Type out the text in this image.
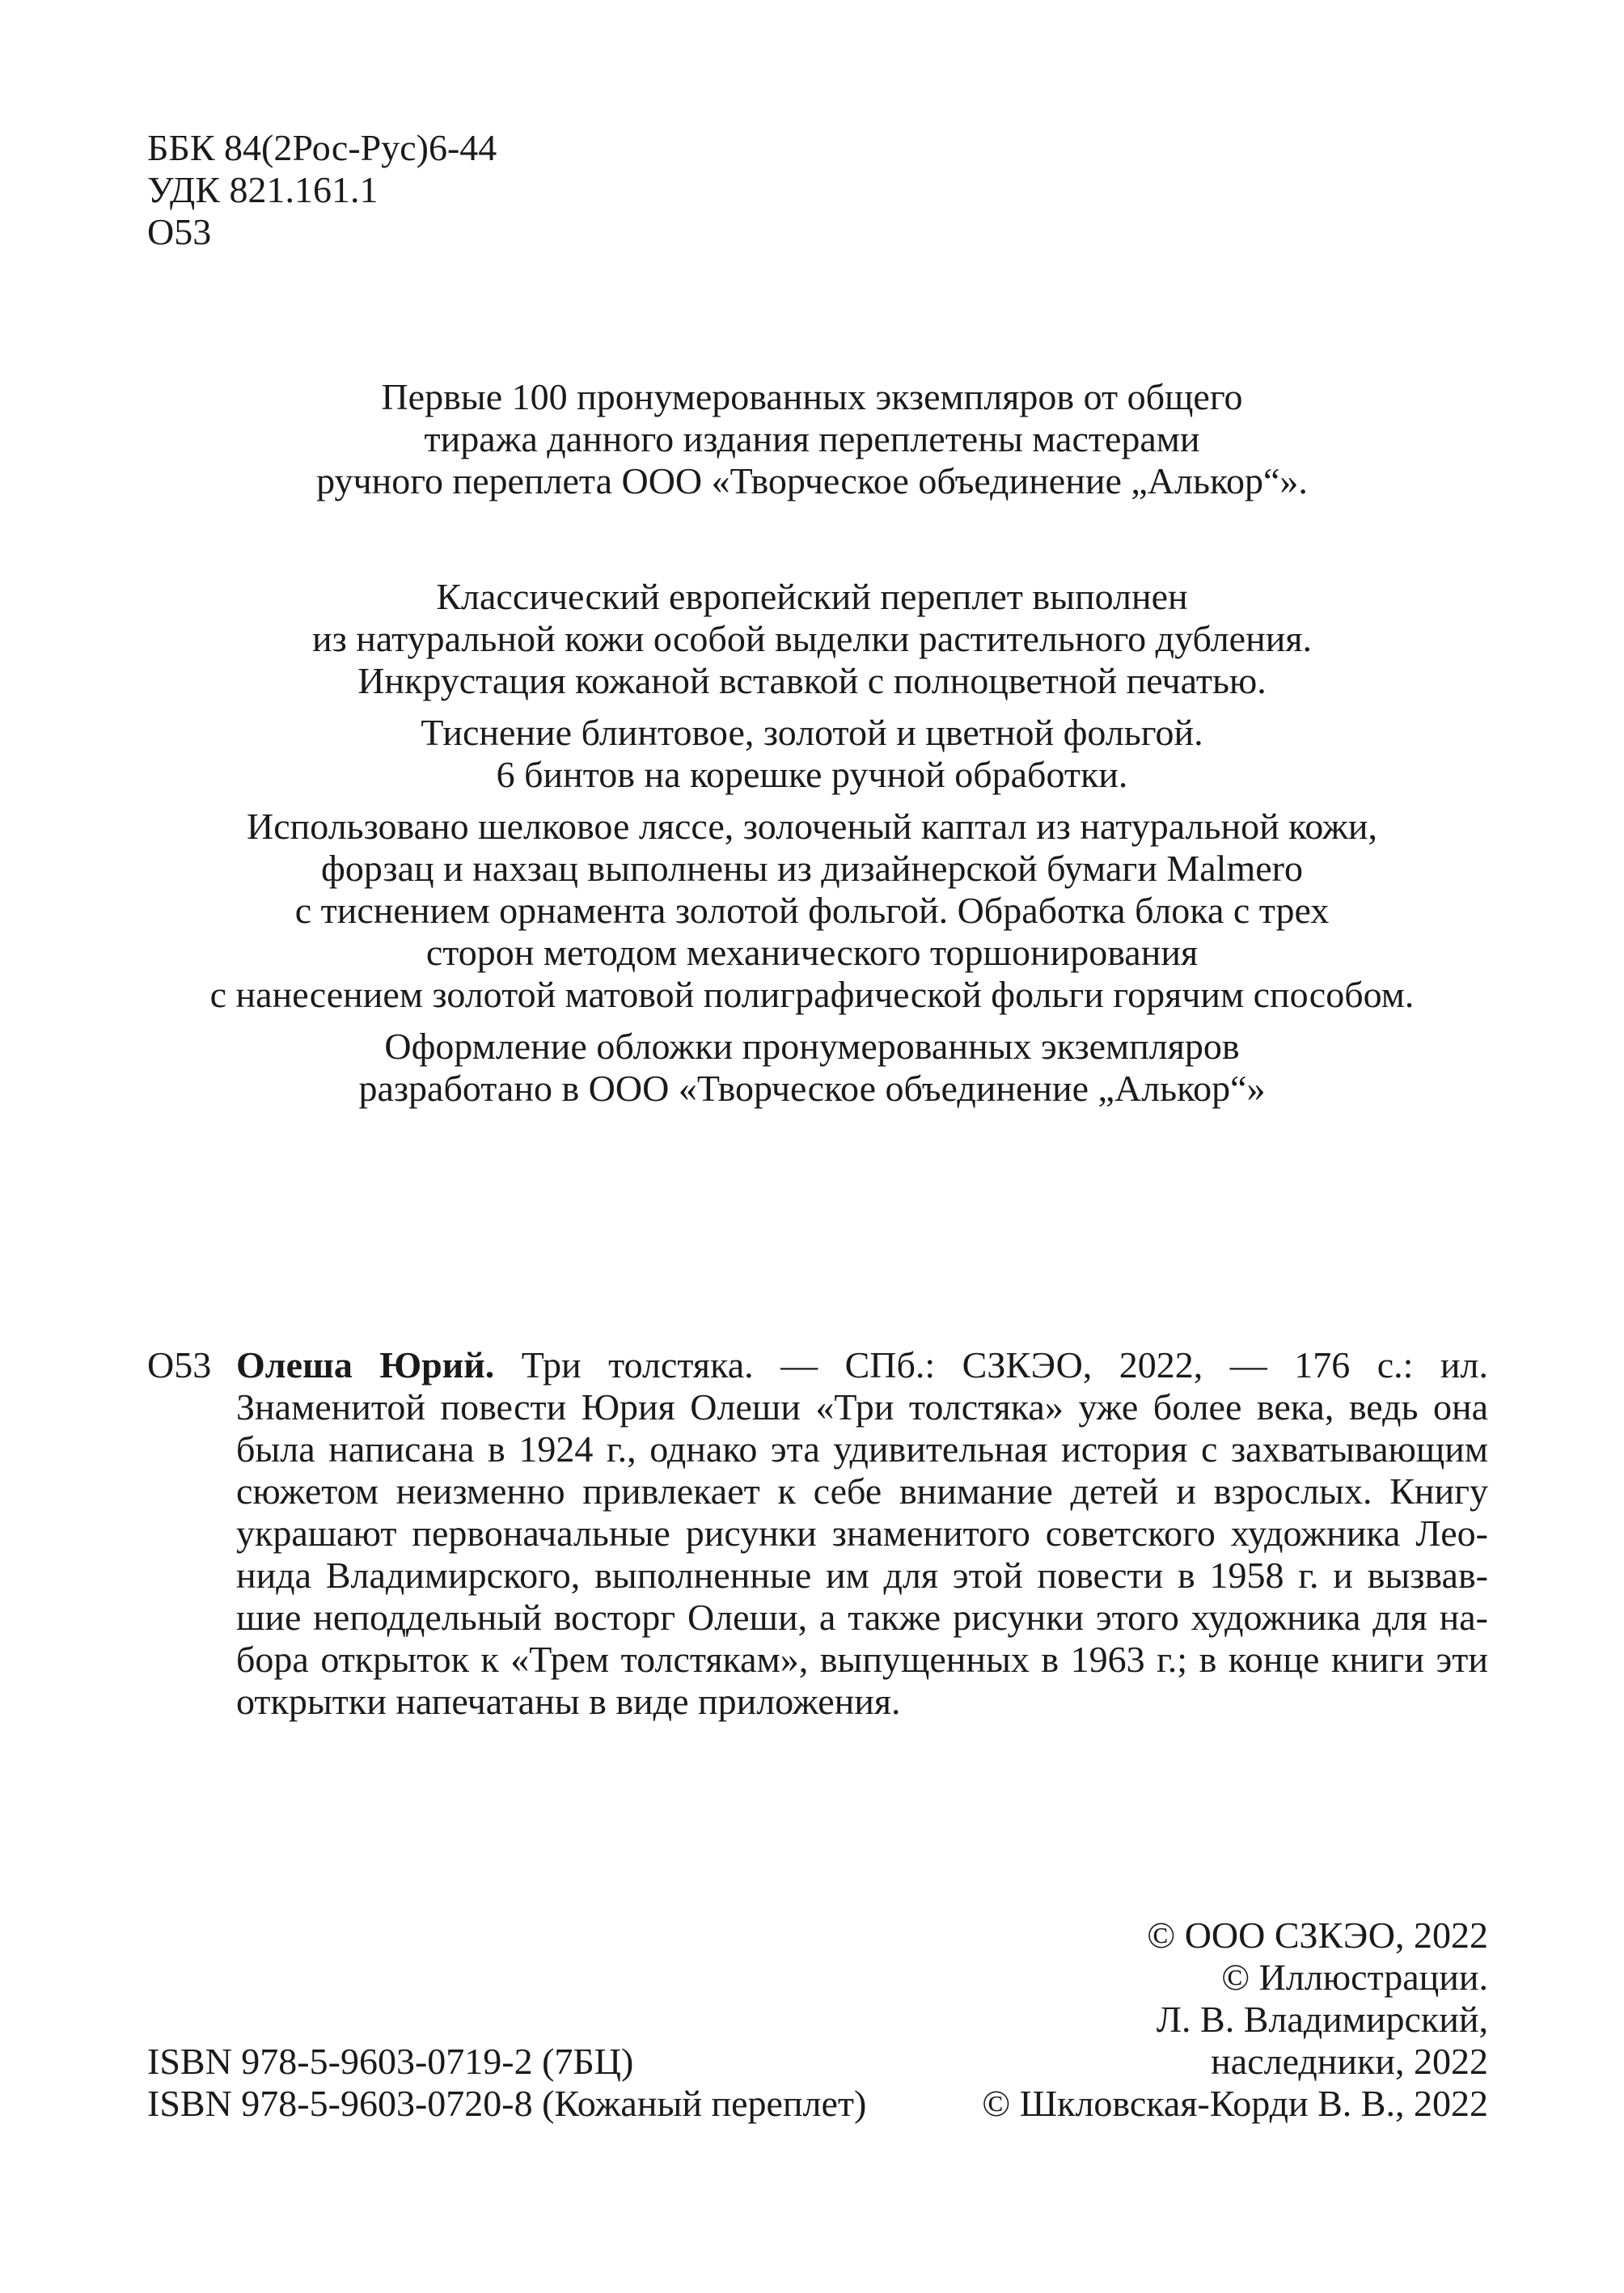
ББК 84(2Рос-Рус)6-44
УДК 821.161.1
О53
Первые 100 пронумерованных экземпляров от общего
тиража данного издания переплетены мастерами
ручного переплета ООО «Творческое объединение „Алькор“».
Классический европейский переплет выполнен
из натуральной кожи особой выделки растительного дубления.
Инкрустация кожаной вставкой с полноцветной печатью.
Тиснение блинтовое, золотой и цветной фольгой.
6 бинтов на корешке ручной обработки.
Использовано шелковое ляссе, золоченый каптал из натуральной кожи,
форзац и нахзац выполнены из дизайнерской бумаги Malmero
с тиснением орнамента золотой фольгой. Обработка блока с трех
сторон методом механического торшонирования
с нанесением золотой матовой полиграфической фольги горячим способом.
Оформление обложки пронумерованных экземпляров
разработано в ООО «Творческое объединение „Алькор“»
О53 Олеша Юрий. Три толстяка. — СПб.: СЗКЭО, 2022, — 176 с.: ил.
Знаменитой повести Юрия Олеши «Три толстяка» уже более века, ведь она
была написана в 1924 г., однако эта удивительная история с захватывающим
сюжетом неизменно привлекает к себе внимание детей и взрослых. Книгу
украшают первоначальные рисунки знаменитого советского художника Лео-
нида Владимирского, выполненные им для этой повести в 1958 г. и вызвав-
шие неподдельный восторг Олеши, а также рисунки этого художника для на-
бора открыток к «Трем толстякам», выпущенных в 1963 г.; в конце книги эти
открытки напечатаны в виде приложения.
© ООО СЗКЭО, 2022
© Иллюстрации.
Л. В. Владимирский,
наследники, 2022
© Шкловская-Корди В. В., 2022
ISBN 978-5-9603-0719-2 (7БЦ)
ISBN 978-5-9603-0720-8 (Кожаный переплет)
